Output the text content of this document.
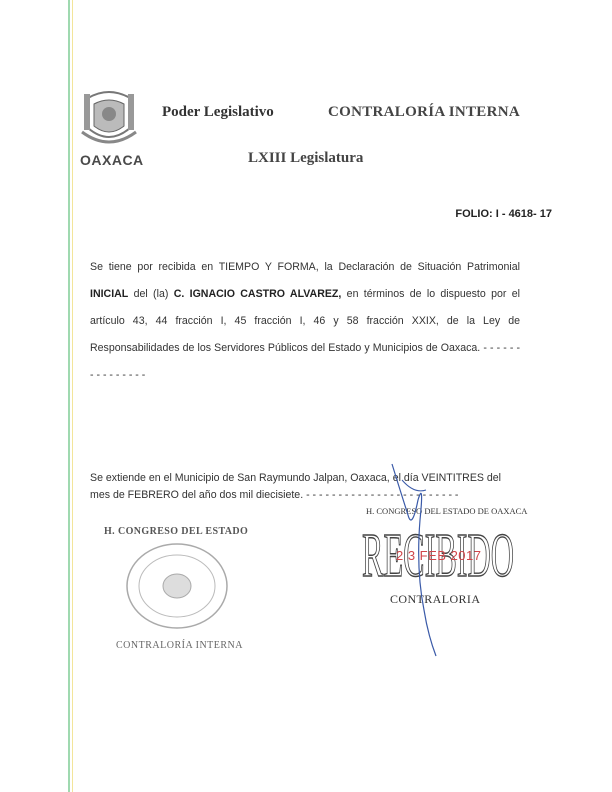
OAXACA
Poder Legislativo	CONTRALORÍA INTERNA
LXIII Legislatura
FOLIO: I - 4618- 17
Se tiene por recibida en TIEMPO Y FORMA, la Declaración de Situación Patrimonial INICIAL del (la) C. IGNACIO CASTRO ALVAREZ, en términos de lo dispuesto por el artículo 43, 44 fracción I, 45 fracción I, 46 y 58 fracción XXIX, de la Ley de Responsabilidades de los Servidores Públicos del Estado y Municipios de Oaxaca. - - - - - - - - - - - - - - -
Se extiende en el Municipio de San Raymundo Jalpan, Oaxaca, el día VEINTITRES del mes de FEBRERO del año dos mil diecisiete. - - - - - - - - - - - - - - - - - - - - - - - -
H. CONGRESO DEL ESTADO
CONTRALORÍA INTERNA
H. CONGRESO DEL ESTADO DE OAXACA
RECIBIDO
2 3 FEB 2017
CONTRALORIA
